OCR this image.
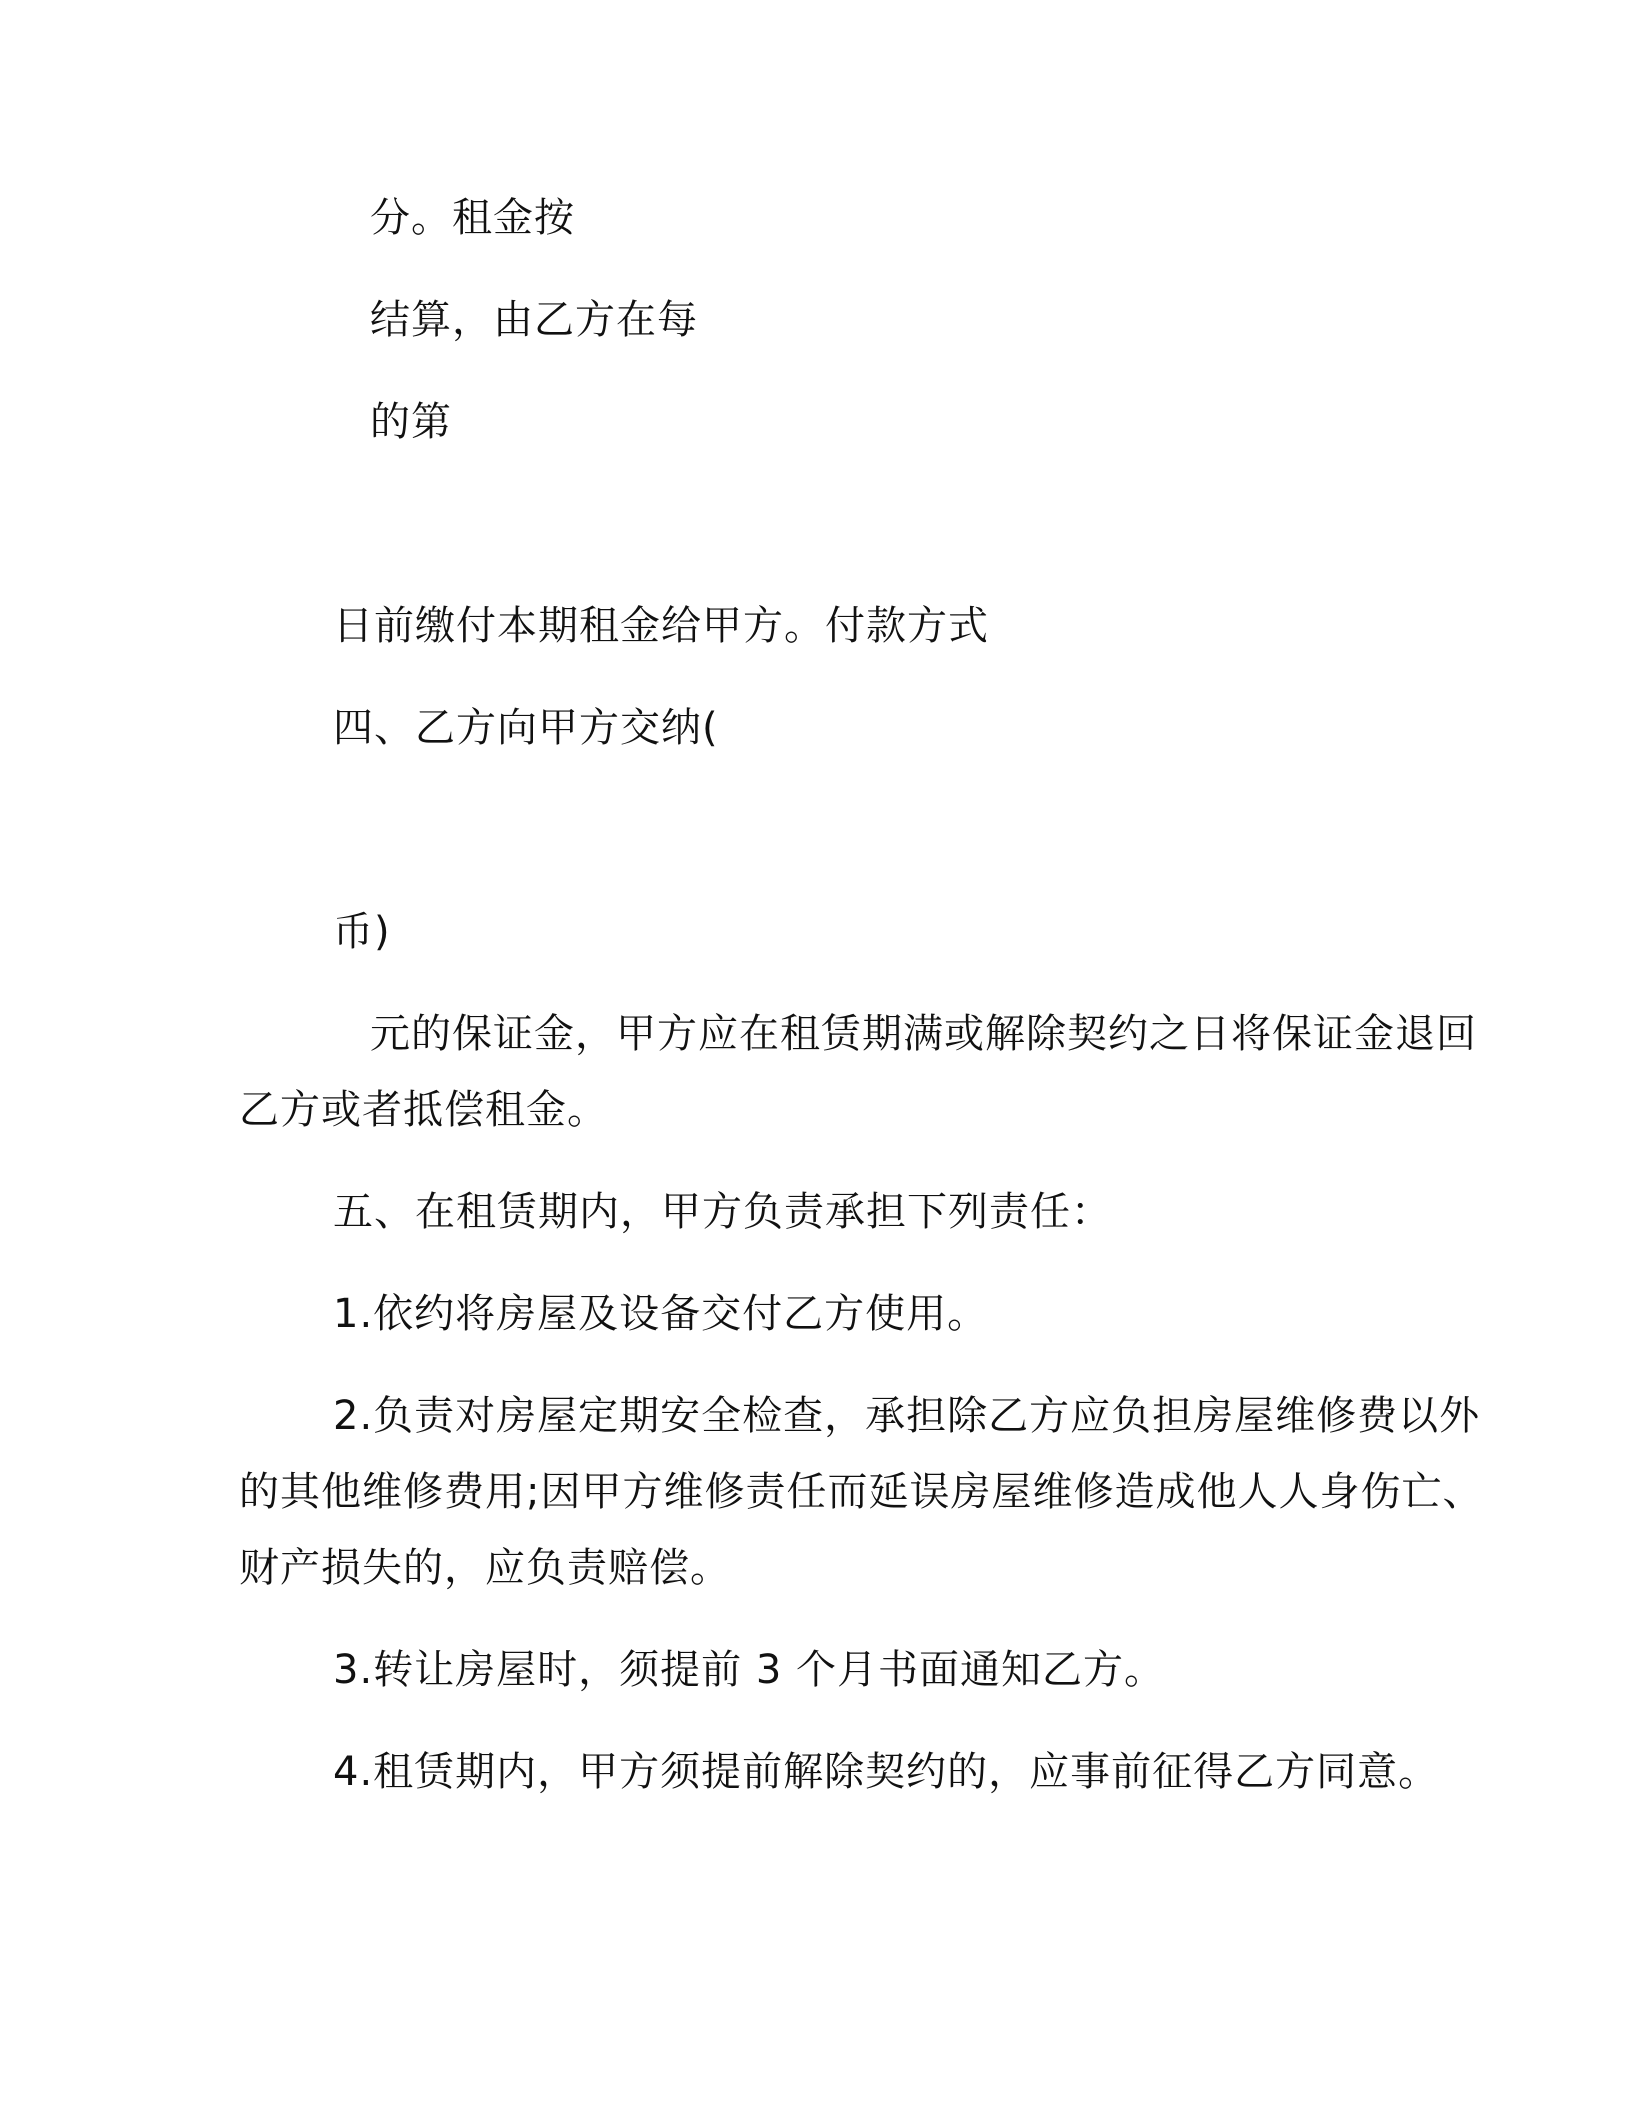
分。租金按
结算，由乙方在每
的第
日前缴付本期租金给甲方。付款方式
四、乙方向甲方交纳(
币)
元的保证金，甲方应在租赁期满或解除契约之日将保证金退回
乙方或者抵偿租金。
五、在租赁期内，甲方负责承担下列责任：
1.依约将房屋及设备交付乙方使用。
2.负责对房屋定期安全检查，承担除乙方应负担房屋维修费以外
的其他维修费用;因甲方维修责任而延误房屋维修造成他人人身伤亡、
财产损失的，应负责赔偿。
3.转让房屋时，须提前 3 个月书面通知乙方。
4.租赁期内，甲方须提前解除契约的，应事前征得乙方同意。
